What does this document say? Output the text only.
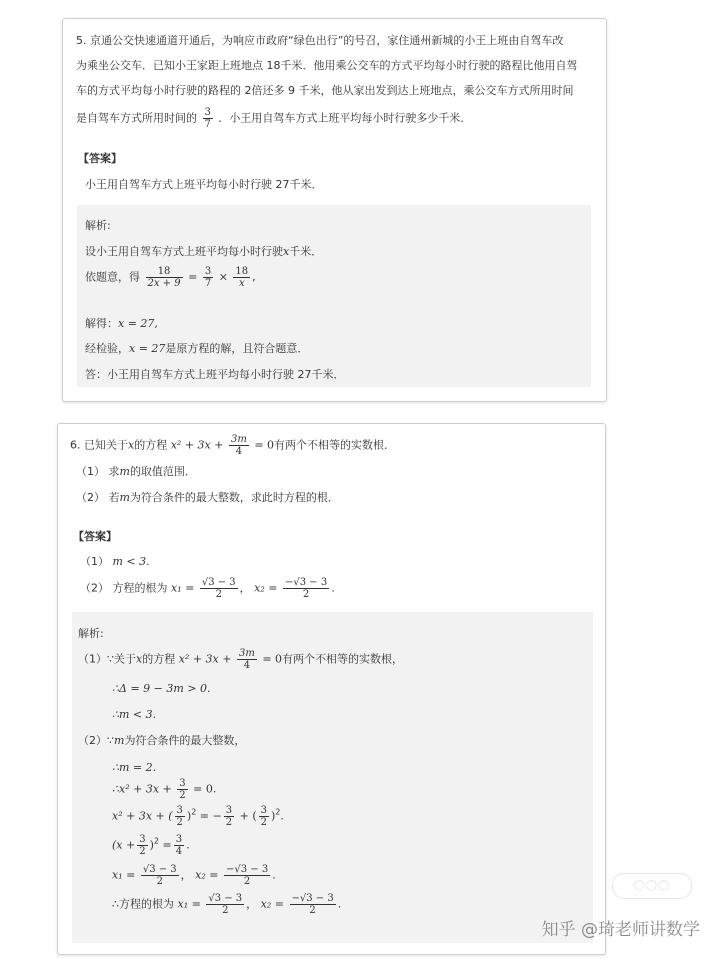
5. 京通公交快速通道开通后，为响应市政府“绿色出行”的号召，家住通州新城的小王上班由自驾车改
为乘坐公交车．已知小王家距上班地点 18千米．他用乘公交车的方式平均每小时行驶的路程比他用自驾
车的方式平均每小时行驶的路程的 2倍还多 9 千米，他从家出发到达上班地点，乘公交车方式所用时间
是自驾车方式所用时间的 $\frac{3}{7}$ ．小王用自驾车方式上班平均每小时行驶多少千米．
【答案】
小王用自驾车方式上班平均每小时行驶 27千米．
解析:
设小王用自驾车方式上班平均每小时行驶x千米．
依题意，得 $\frac{18}{2x + 9} = \frac{3}{7} \times \frac{18}{x}$ ,
解得：x = 27,
经检验，x = 27是原方程的解，且符合题意．
答：小王用自驾车方式上班平均每小时行驶 27千米．
6. 已知关于x的方程 $x^2 + 3x + \frac{3m}{4} = 0$有两个不相等的实数根．
（1） 求m的取值范围．
（2） 若m为符合条件的最大整数，求此时方程的根．
【答案】
（1） m < 3.
（2） 方程的根为 $x_1 = \frac{√3 - 3}{2}$ ， $x_2 = \frac{-√3 - 3}{2}$ .
解析:
（1）∵关于x的方程 $x^2 + 3x + \frac{3m}{4} = 0$有两个不相等的实数根，
∴Δ = 9 − 3m > 0.
∴m < 3.
（2）∵m为符合条件的最大整数，
∴m = 2.
∴x² + $3x + \frac{3}{2} = 0$.
x² + 3x + ( $\frac{3}{2} )^2$ = − $\frac{3}{2}$ + ( $\frac{3}{2} )^2$.
$(x + \frac{3}{2} )^2 = \frac{3}{4}$ .
$x_1 = \frac{√3 - 3}{2}$ ， $x_2 = \frac{-√3 - 3}{2}$ .
∴方程的根为 $x_1 = \frac{√3 - 3}{2}$ ， $x_2 = \frac{-√3 - 3}{2}$ .
◯◯◯
知乎 @琦老师讲数学
